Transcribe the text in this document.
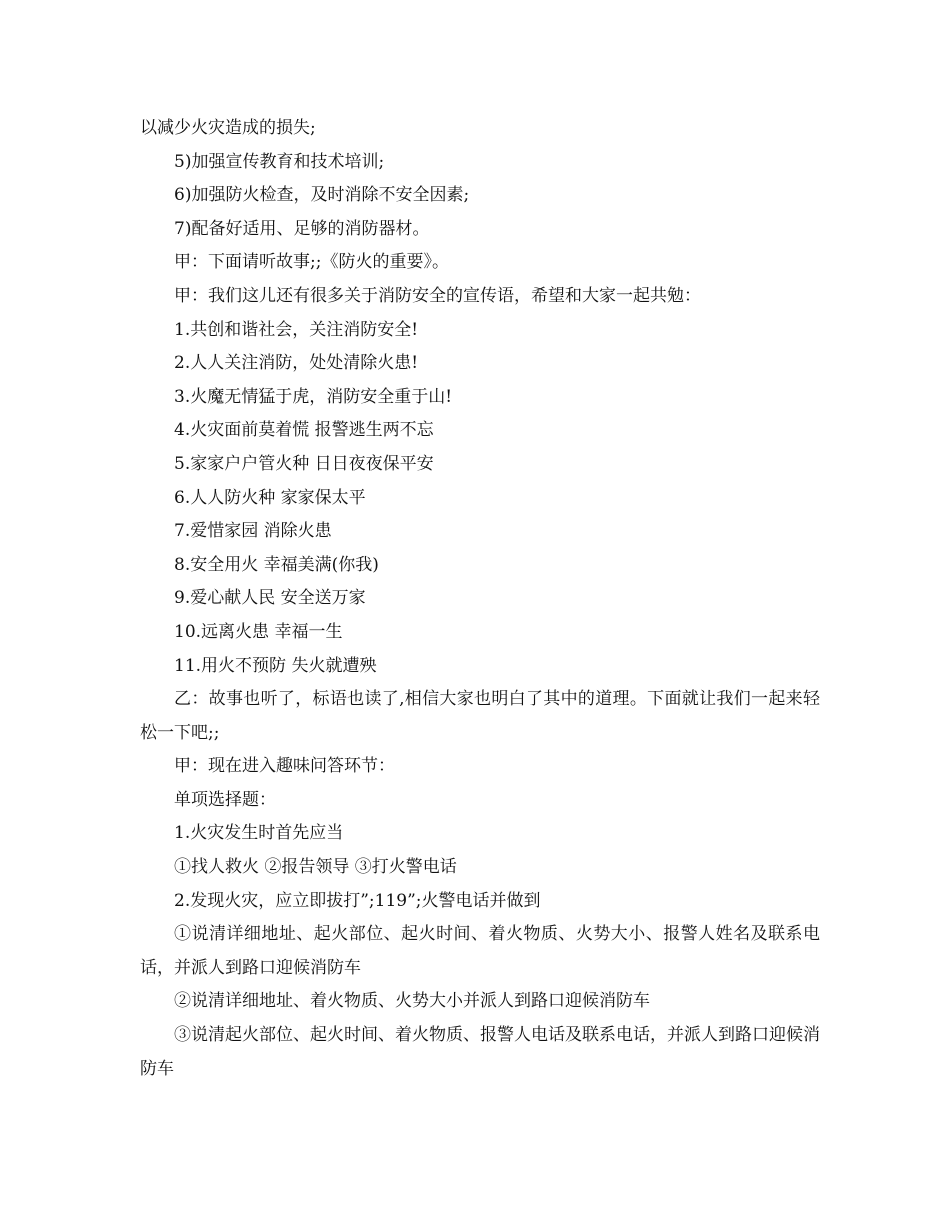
以减少火灾造成的损失;

5)加强宣传教育和技术培训;

6)加强防火检查，及时消除不安全因素;

7)配备好适用、足够的消防器材。

甲：下面请听故事;;《防火的重要》。

甲：我们这儿还有很多关于消防安全的宣传语，希望和大家一起共勉：

1.共创和谐社会，关注消防安全!

2.人人关注消防，处处清除火患!

3.火魔无情猛于虎，消防安全重于山!

4.火灾面前莫着慌 报警逃生两不忘

5.家家户户管火种 日日夜夜保平安

6.人人防火种 家家保太平

7.爱惜家园 消除火患

8.安全用火 幸福美满(你我)

9.爱心献人民 安全送万家

10.远离火患 幸福一生

11.用火不预防 失火就遭殃

乙：故事也听了，标语也读了,相信大家也明白了其中的道理。下面就让我们一起来轻松一下吧;;

甲：现在进入趣味问答环节：

单项选择题：

1.火灾发生时首先应当

①找人救火 ②报告领导 ③打火警电话

2.发现火灾，应立即拔打”;119”;火警电话并做到

①说清详细地址、起火部位、起火时间、着火物质、火势大小、报警人姓名及联系电话，并派人到路口迎候消防车

②说清详细地址、着火物质、火势大小并派人到路口迎候消防车

③说清起火部位、起火时间、着火物质、报警人电话及联系电话，并派人到路口迎候消防车
